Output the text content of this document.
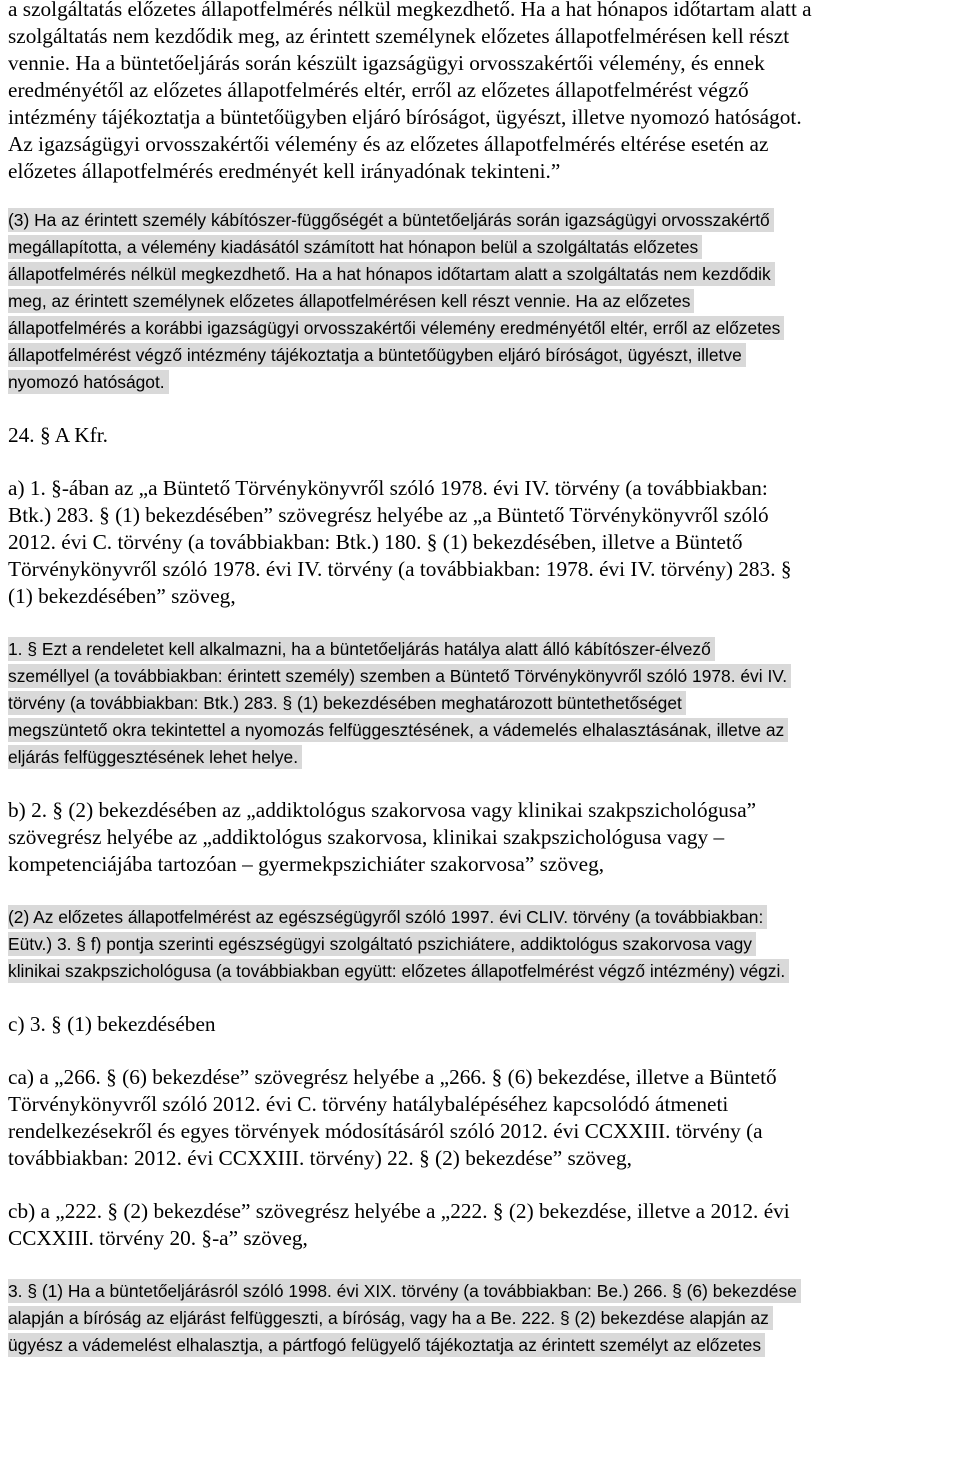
a szolgáltatás előzetes állapotfelmérés nélkül megkezdhető. Ha a hat hónapos időtartam alatt a
szolgáltatás nem kezdődik meg, az érintett személynek előzetes állapotfelmérésen kell részt
vennie. Ha a büntetőeljárás során készült igazságügyi orvosszakértői vélemény, és ennek
eredményétől az előzetes állapotfelmérés eltér, erről az előzetes állapotfelmérést végző
intézmény tájékoztatja a büntetőügyben eljáró bíróságot, ügyészt, illetve nyomozó hatóságot.
Az igazságügyi orvosszakértői vélemény és az előzetes állapotfelmérés eltérése esetén az
előzetes állapotfelmérés eredményét kell irányadónak tekinteni.”
(3) Ha az érintett személy kábítószer-függőségét a büntetőeljárás során igazságügyi orvosszakértő
megállapította, a vélemény kiadásától számított hat hónapon belül a szolgáltatás előzetes
állapotfelmérés nélkül megkezdhető. Ha a hat hónapos időtartam alatt a szolgáltatás nem kezdődik
meg, az érintett személynek előzetes állapotfelmérésen kell részt vennie. Ha az előzetes
állapotfelmérés a korábbi igazságügyi orvosszakértői vélemény eredményétől eltér, erről az előzetes
állapotfelmérést végző intézmény tájékoztatja a büntetőügyben eljáró bíróságot, ügyészt, illetve
nyomozó hatóságot.
24. § A Kfr.
a) 1. §-ában az „a Büntető Törvénykönyvről szóló 1978. évi IV. törvény (a továbbiakban:
Btk.) 283. § (1) bekezdésében” szövegrész helyébe az „a Büntető Törvénykönyvről szóló
2012. évi C. törvény (a továbbiakban: Btk.) 180. § (1) bekezdésében, illetve a Büntető
Törvénykönyvről szóló 1978. évi IV. törvény (a továbbiakban: 1978. évi IV. törvény) 283. §
(1) bekezdésében” szöveg,
1. § Ezt a rendeletet kell alkalmazni, ha a büntetőeljárás hatálya alatt álló kábítószer-élvező
személlyel (a továbbiakban: érintett személy) szemben a Büntető Törvénykönyvről szóló 1978. évi IV.
törvény (a továbbiakban: Btk.) 283. § (1) bekezdésében meghatározott büntethetőséget
megszüntető okra tekintettel a nyomozás felfüggesztésének, a vádemelés elhalasztásának, illetve az
eljárás felfüggesztésének lehet helye.
b) 2. § (2) bekezdésében az „addiktológus szakorvosa vagy klinikai szakpszichológusa”
szövegrész helyébe az „addiktológus szakorvosa, klinikai szakpszichológusa vagy –
kompetenciájába tartozóan – gyermekpszichiáter szakorvosa” szöveg,
(2) Az előzetes állapotfelmérést az egészségügyről szóló 1997. évi CLIV. törvény (a továbbiakban:
Eütv.) 3. § f) pontja szerinti egészségügyi szolgáltató pszichiátere, addiktológus szakorvosa vagy
klinikai szakpszichológusa (a továbbiakban együtt: előzetes állapotfelmérést végző intézmény) végzi.
c) 3. § (1) bekezdésében
ca) a „266. § (6) bekezdése” szövegrész helyébe a „266. § (6) bekezdése, illetve a Büntető
Törvénykönyvről szóló 2012. évi C. törvény hatálybalépéséhez kapcsolódó átmeneti
rendelkezésekről és egyes törvények módosításáról szóló 2012. évi CCXXIII. törvény (a
továbbiakban: 2012. évi CCXXIII. törvény) 22. § (2) bekezdése” szöveg,
cb) a „222. § (2) bekezdése” szövegrész helyébe a „222. § (2) bekezdése, illetve a 2012. évi
CCXXIII. törvény 20. §-a” szöveg,
3. § (1) Ha a büntetőeljárásról szóló 1998. évi XIX. törvény (a továbbiakban: Be.) 266. § (6) bekezdése
alapján a bíróság az eljárást felfüggeszti, a bíróság, vagy ha a Be. 222. § (2) bekezdése alapján az
ügyész a vádemelést elhalasztja, a pártfogó felügyelő tájékoztatja az érintett személyt az előzetes
